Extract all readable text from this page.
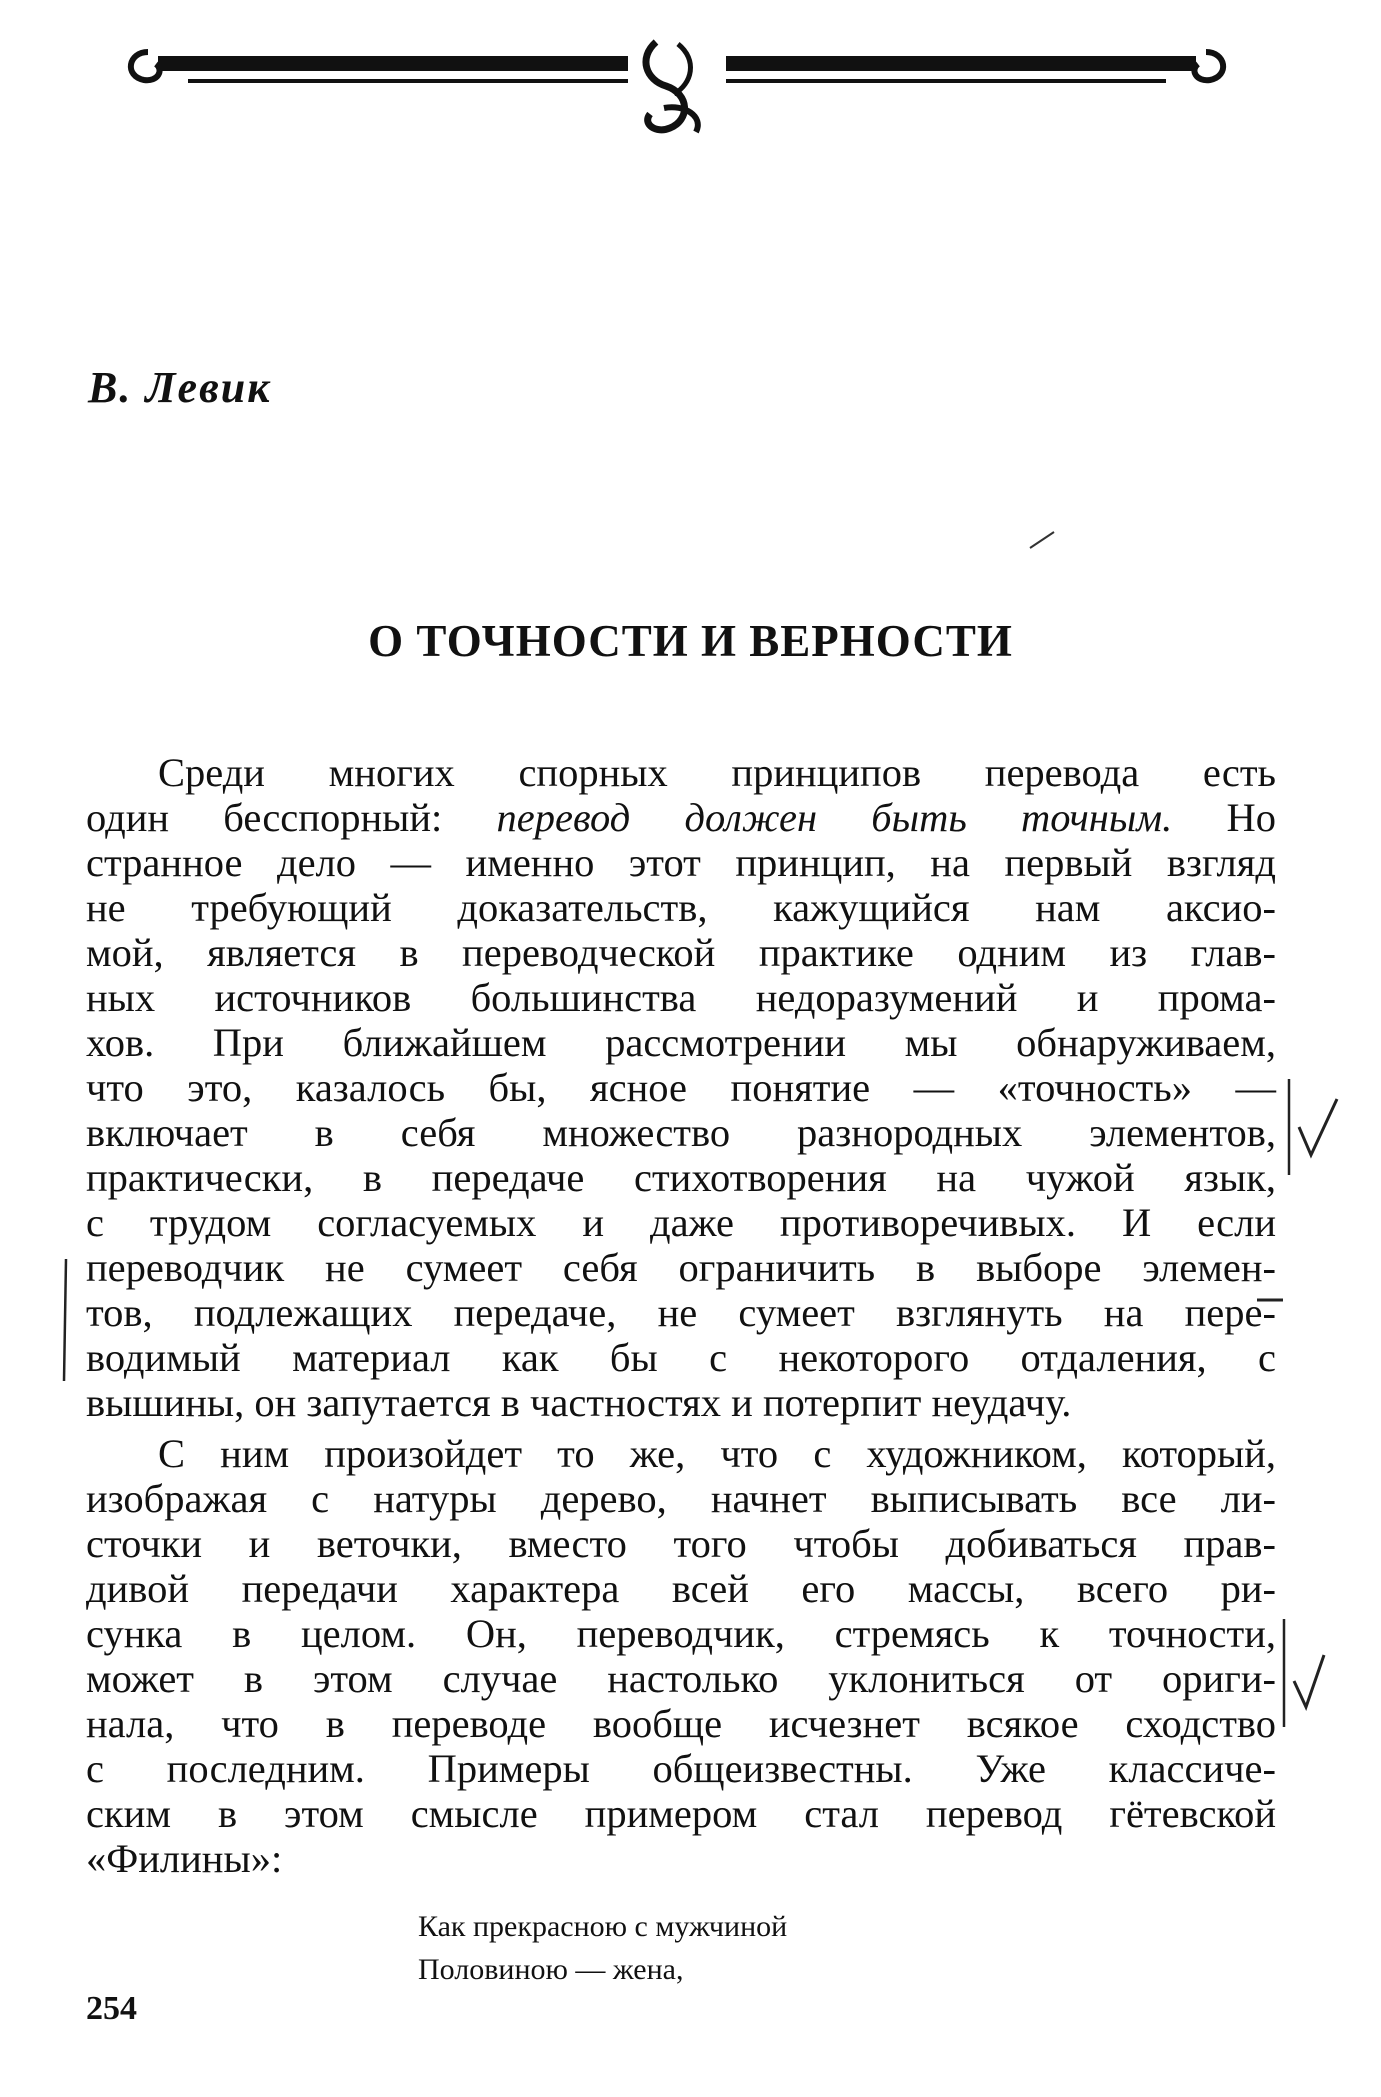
В. Левик
О ТОЧНОСТИ И ВЕРНОСТИ
Среди многих спорных принципов перевода есть
один бесспорный: перевод должен быть точным. Но
странное дело — именно этот принцип, на первый взгляд
не требующий доказательств, кажущийся нам аксио-
мой, является в переводческой практике одним из глав-
ных источников большинства недоразумений и прома-
хов. При ближайшем рассмотрении мы обнаруживаем,
что это, казалось бы, ясное понятие — «точность» —
включает в себя множество разнородных элементов,
практически, в передаче стихотворения на чужой язык,
с трудом согласуемых и даже противоречивых. И если
переводчик не сумеет себя ограничить в выборе элемен-
тов, подлежащих передаче, не сумеет взглянуть на пере-
водимый материал как бы с некоторого отдаления, с
вышины, он запутается в частностях и потерпит неудачу.
С ним произойдет то же, что с художником, который,
изображая с натуры дерево, начнет выписывать все ли-
сточки и веточки, вместо того чтобы добиваться прав-
дивой передачи характера всей его массы, всего ри-
сунка в целом. Он, переводчик, стремясь к точности,
может в этом случае настолько уклониться от ориги-
нала, что в переводе вообще исчезнет всякое сходство
с последним. Примеры общеизвестны. Уже классиче-
ским в этом смысле примером стал перевод гётевской
«Филины»:
Как прекрасною с мужчиной
Половиною — жена,
254
